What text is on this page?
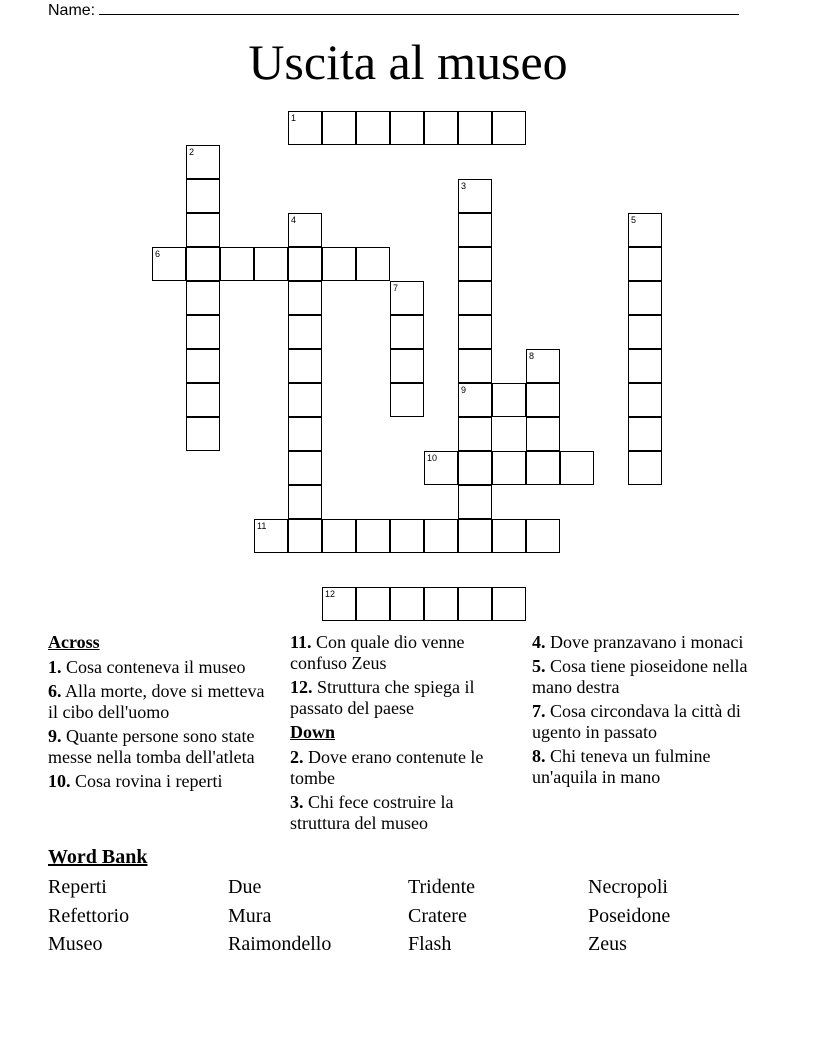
Name:
Uscita al museo
1
2
3
9
4	5
6
7
8
10
11
12
Across
1. Cosa conteneva il museo
6. Alla morte, dove si metteva il cibo dell'uomo
9. Quante persone sono state messe nella tomba dell'atleta
10. Cosa rovina i reperti
11. Con quale dio venne confuso Zeus
12. Struttura che spiega il passato del paese
Down
2. Dove erano contenute le tombe
3. Chi fece costruire la struttura del museo
4. Dove pranzavano i monaci
5. Cosa tiene pioseidone nella mano destra
7. Cosa circondava la città di ugento in passato
8. Chi teneva un fulmine un'aquila in mano
Word Bank
Reperti	Due	Tridente	Necropoli
Refettorio	Mura	Cratere	Poseidone
Museo	Raimondello	Flash	Zeus
